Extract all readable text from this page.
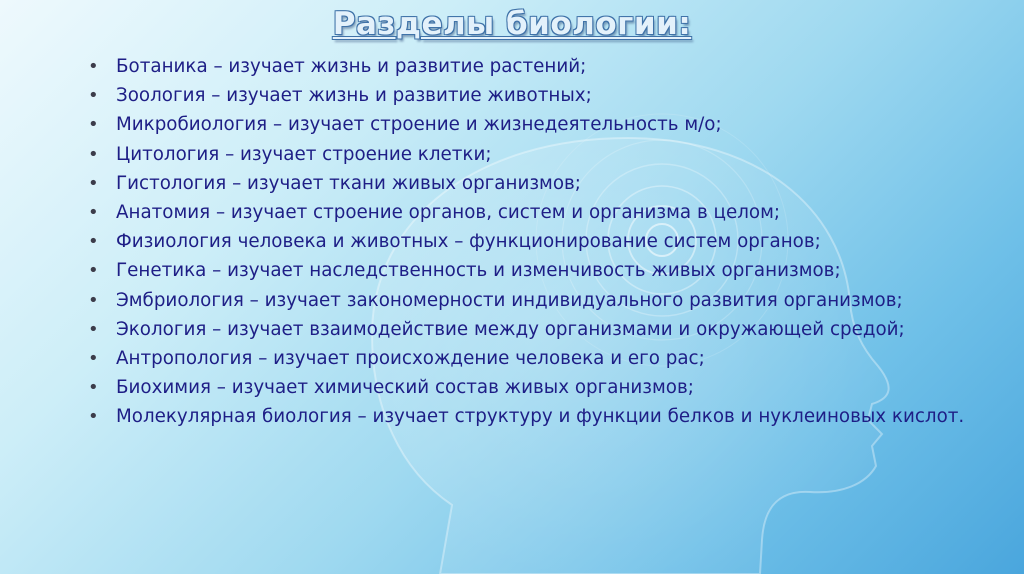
Разделы биологии:
• Ботаника – изучает жизнь и развитие растений;
• Зоология – изучает жизнь и развитие животных;
• Микробиология – изучает строение и жизнедеятельность м/о;
• Цитология – изучает строение клетки;
• Гистология – изучает ткани живых организмов;
• Анатомия – изучает строение органов, систем и организма в целом;
• Физиология человека и животных – функционирование систем органов;
• Генетика – изучает наследственность и изменчивость живых организмов;
• Эмбриология – изучает закономерности индивидуального развития организмов;
• Экология – изучает взаимодействие между организмами и окружающей средой;
• Антропология – изучает происхождение человека и его рас;
• Биохимия – изучает химический состав живых организмов;
• Молекулярная биология – изучает структуру и функции белков и нуклеиновых кислот.
